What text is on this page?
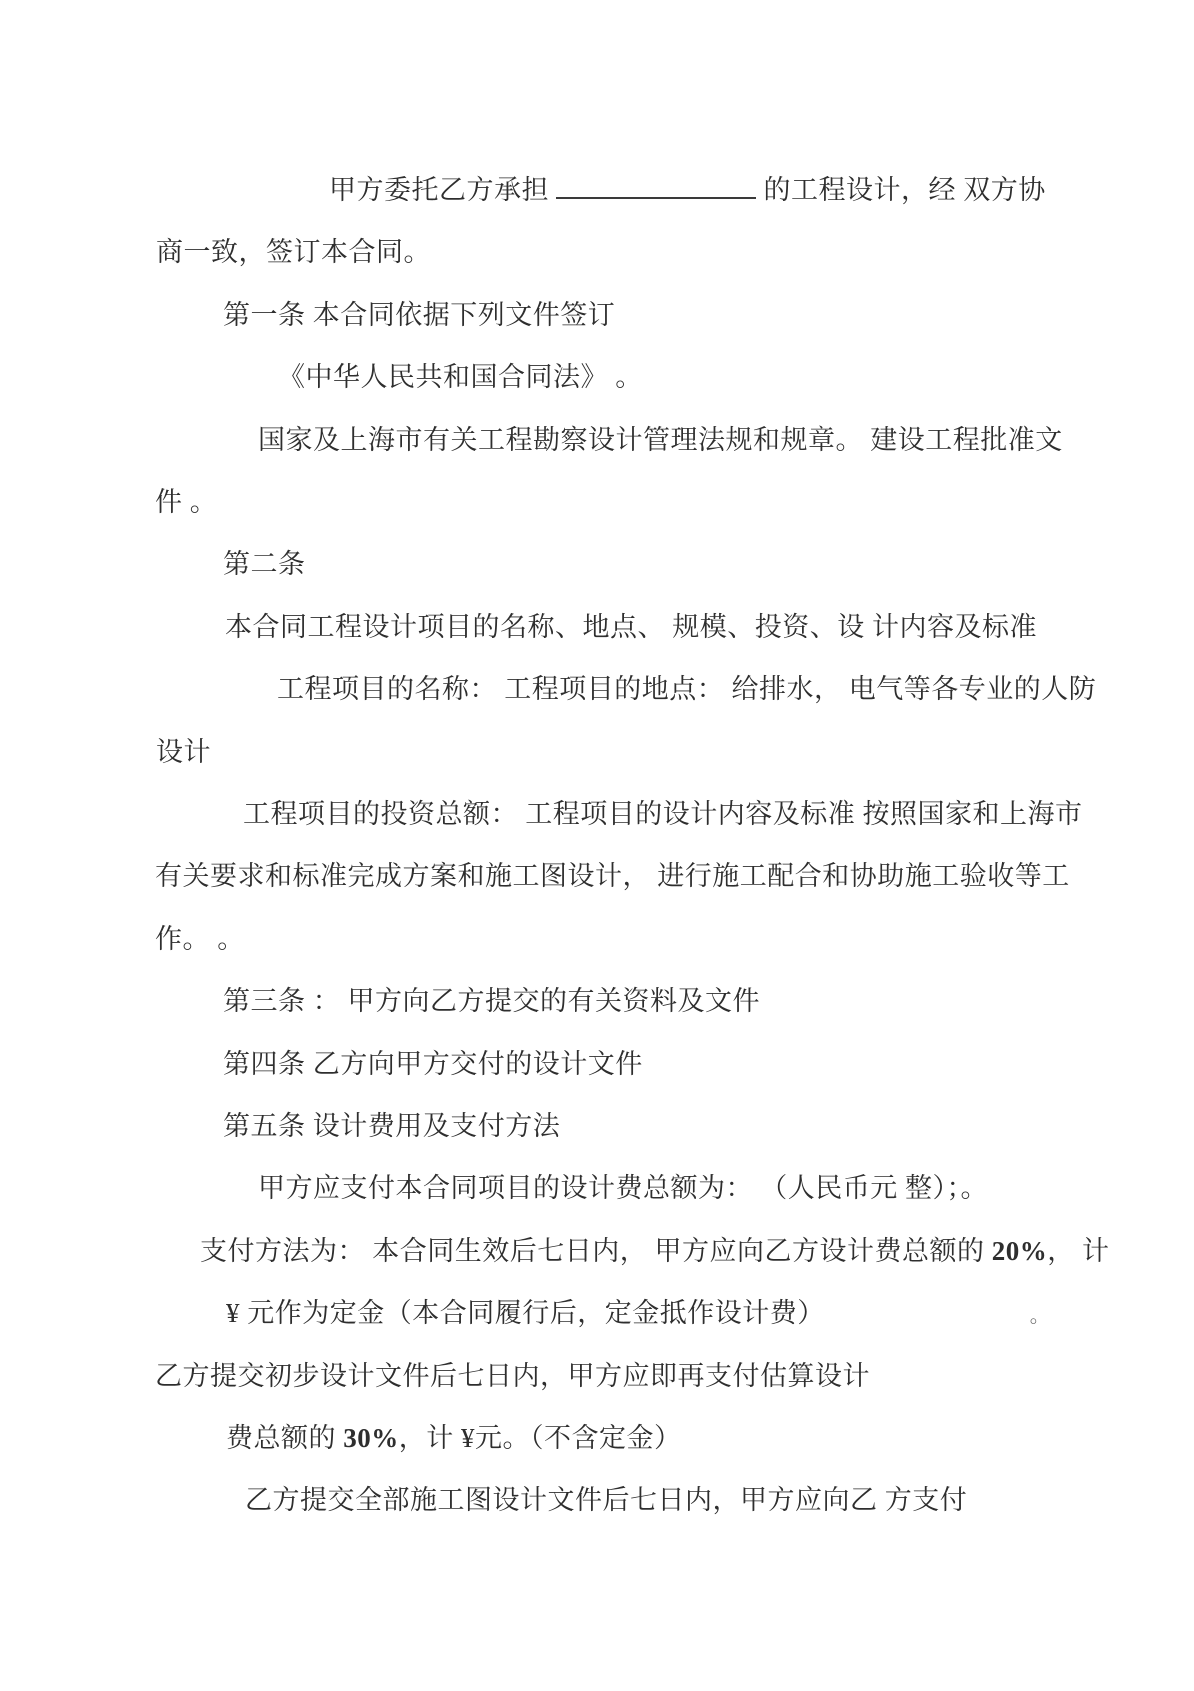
甲方委托乙方承担	的工程设计，经 双方协
商一致，签订本合同。
第一条 本合同依据下列文件签订
《中华人民共和国合同法》 。
国家及上海市有关工程勘察设计管理法规和规章。 建设工程批准文
件 。
第二条
本合同工程设计项目的名称、地点、 规模、投资、设 计内容及标准
工程项目的名称： 工程项目的地点： 给排水， 电气等各专业的人防
设计
工程项目的投资总额： 工程项目的设计内容及标准 按照国家和上海市
有关要求和标准完成方案和施工图设计， 进行施工配合和协助施工验收等工
作。 。
第三条 ： 甲方向乙方提交的有关资料及文件
第四条 乙方向甲方交付的设计文件
第五条 设计费用及支付方法
甲方应支付本合同项目的设计费总额为： （人民币元 整）；。
支付方法为： 本合同生效后七日内， 甲方应向乙方设计费总额的 20%， 计
¥ 元作为定金（本合同履行后，定金抵作设计费）	。
乙方提交初步设计文件后七日内，甲方应即再支付估算设计
费总额的 30%，计 ¥元。（不含定金）
乙方提交全部施工图设计文件后七日内，甲方应向乙 方支付
